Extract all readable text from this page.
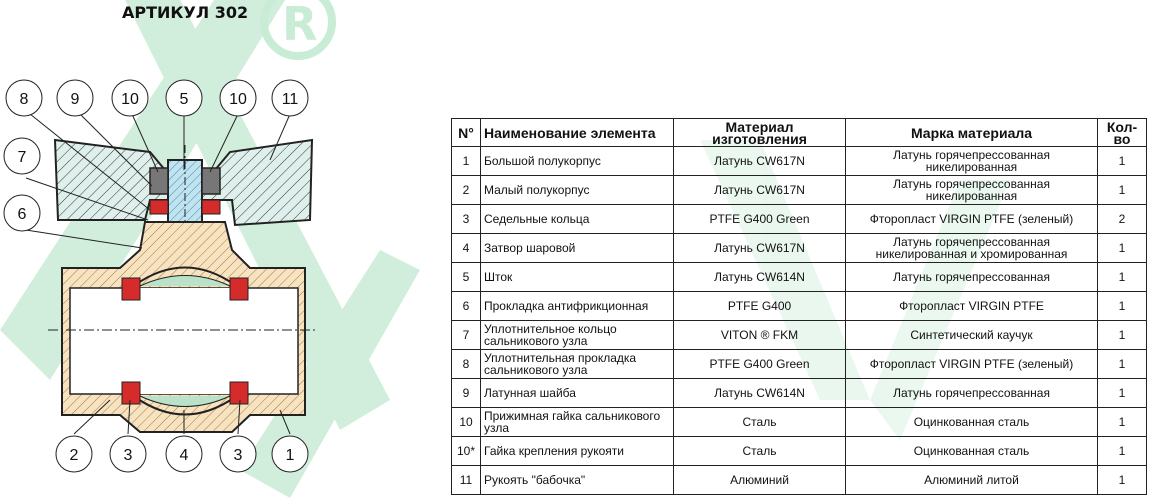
R
АРТИКУЛ 302
8	9	10	5	10 11
7
6
2	3	4	3	1
N°	Наименование элемента	Материал изготовления	Марка материала	Кол-во
1	Большой полукорпус	Латунь CW617N	Латунь горячепрессованная никелированная	1
2	Малый полукорпус	Латунь CW617N	Латунь горячепрессованная никелированная	1
3	Седельные кольца	PTFE G400 Green	Фторопласт VIRGIN PTFE (зеленый)	2
4	Затвор шаровой	Латунь CW617N	Латунь горячепрессованная никелированная и хромированная	1
5	Шток	Латунь CW614N	Латунь горячепрессованная	1
6	Прокладка антифрикционная	PTFE G400	Фторопласт VIRGIN PTFE	1
7	Уплотнительное кольцо сальникового узла	VITON ® FKM	Синтетический каучук	1
8	Уплотнительная прокладка сальникового узла	PTFE G400 Green	Фторопласт VIRGIN PTFE (зеленый)	1
9	Латунная шайба	Латунь CW614N	Латунь горячепрессованная	1
10	Прижимная гайка сальникового узла	Сталь	Оцинкованная сталь	1
10*	Гайка крепления рукояти	Сталь	Оцинкованная сталь	1
11	Рукоять "бабочка"	Алюминий	Алюминий литой	1
